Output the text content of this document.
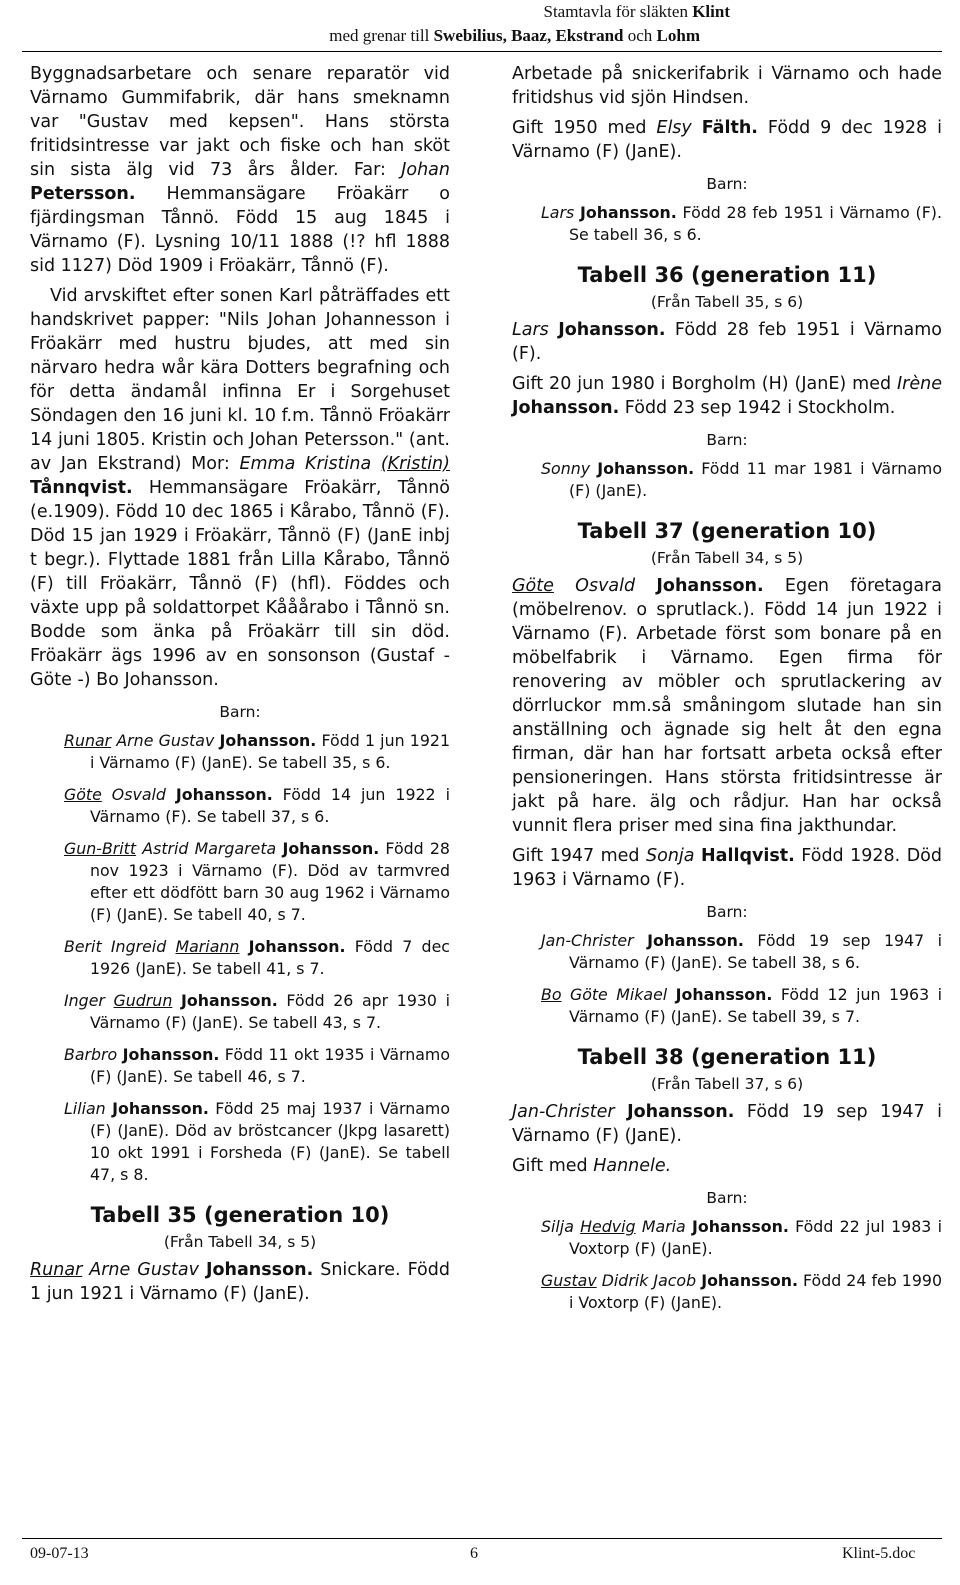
Stamtavla för släkten Klint
med grenar till Swebilius, Baaz, Ekstrand och Lohm

Byggnadsarbetare och senare reparatör vid Värnamo Gummifabrik, där hans smeknamn var "Gustav med kepsen". Hans största fritidsintresse var jakt och fiske och han sköt sin sista älg vid 73 års ålder. Far: Johan Petersson. Hemmansägare Fröakärr o fjärdingsman Tånnö. Född 15 aug 1845 i Värnamo (F). Lysning 10/11 1888 (!? hfl 1888 sid 1127) Död 1909 i Fröakärr, Tånnö (F).

Vid arvskiftet efter sonen Karl påträffades ett handskrivet papper: "Nils Johan Johannesson i Fröakärr med hustru bjudes, att med sin närvaro hedra wår kära Dotters begrafning och för detta ändamål infinna Er i Sorgehuset Söndagen den 16 juni kl. 10 f.m. Tånnö Fröakärr 14 juni 1805. Kristin och Johan Petersson." (ant. av Jan Ekstrand) Mor: Emma Kristina (Kristin) Tånnqvist. Hemmansägare Fröakärr, Tånnö (e.1909). Född 10 dec 1865 i Kårabo, Tånnö (F). Död 15 jan 1929 i Fröakärr, Tånnö (F) (JanE inbj t begr.). Flyttade 1881 från Lilla Kårabo, Tånnö (F) till Fröakärr, Tånnö (F) (hfl). Föddes och växte upp på soldattorpet Kååårabo i Tånnö sn. Bodde som änka på Fröakärr till sin död. Fröakärr ägs 1996 av en sonsonson (Gustaf - Göte -) Bo Johansson.

Barn:

Runar Arne Gustav Johansson. Född 1 jun 1921 i Värnamo (F) (JanE). Se tabell 35, s 6.

Göte Osvald Johansson. Född 14 jun 1922 i Värnamo (F). Se tabell 37, s 6.

Gun-Britt Astrid Margareta Johansson. Född 28 nov 1923 i Värnamo (F). Död av tarmvred efter ett dödfött barn 30 aug 1962 i Värnamo (F) (JanE). Se tabell 40, s 7.

Berit Ingreid Mariann Johansson. Född 7 dec 1926 (JanE). Se tabell 41, s 7.

Inger Gudrun Johansson. Född 26 apr 1930 i Värnamo (F) (JanE). Se tabell 43, s 7.

Barbro Johansson. Född 11 okt 1935 i Värnamo (F) (JanE). Se tabell 46, s 7.

Lilian Johansson. Född 25 maj 1937 i Värnamo (F) (JanE). Död av bröstcancer (Jkpg lasarett) 10 okt 1991 i Forsheda (F) (JanE). Se tabell 47, s 8.

Tabell 35 (generation 10)
(Från Tabell 34, s 5)

Runar Arne Gustav Johansson. Snickare. Född 1 jun 1921 i Värnamo (F) (JanE).

Arbetade på snickerifabrik i Värnamo och hade fritidshus vid sjön Hindsen.

Gift 1950 med Elsy Fälth. Född 9 dec 1928 i Värnamo (F) (JanE).

Barn:

Lars Johansson. Född 28 feb 1951 i Värnamo (F). Se tabell 36, s 6.

Tabell 36 (generation 11)
(Från Tabell 35, s 6)

Lars Johansson. Född 28 feb 1951 i Värnamo (F).

Gift 20 jun 1980 i Borgholm (H) (JanE) med Irène Johansson. Född 23 sep 1942 i Stockholm.

Barn:

Sonny Johansson. Född 11 mar 1981 i Värnamo (F) (JanE).

Tabell 37 (generation 10)
(Från Tabell 34, s 5)

Göte Osvald Johansson. Egen företagara (möbelrenov. o sprutlack.). Född 14 jun 1922 i Värnamo (F). Arbetade först som bonare på en möbelfabrik i Värnamo. Egen firma för renovering av möbler och sprutlackering av dörrluckor mm.så småningom slutade han sin anställning och ägnade sig helt åt den egna firman, där han har fortsatt arbeta också efter pensioneringen. Hans största fritidsintresse är jakt på hare. älg och rådjur. Han har också vunnit flera priser med sina fina jakthundar.

Gift 1947 med Sonja Hallqvist. Född 1928. Död 1963 i Värnamo (F).

Barn:

Jan-Christer Johansson. Född 19 sep 1947 i Värnamo (F) (JanE). Se tabell 38, s 6.

Bo Göte Mikael Johansson. Född 12 jun 1963 i Värnamo (F) (JanE). Se tabell 39, s 7.

Tabell 38 (generation 11)
(Från Tabell 37, s 6)

Jan-Christer Johansson. Född 19 sep 1947 i Värnamo (F) (JanE).

Gift med Hannele.

Barn:

Silja Hedvig Maria Johansson. Född 22 jul 1983 i Voxtorp (F) (JanE).

Gustav Didrik Jacob Johansson. Född 24 feb 1990 i Voxtorp (F) (JanE).

09-07-13	6	Klint-5.doc
